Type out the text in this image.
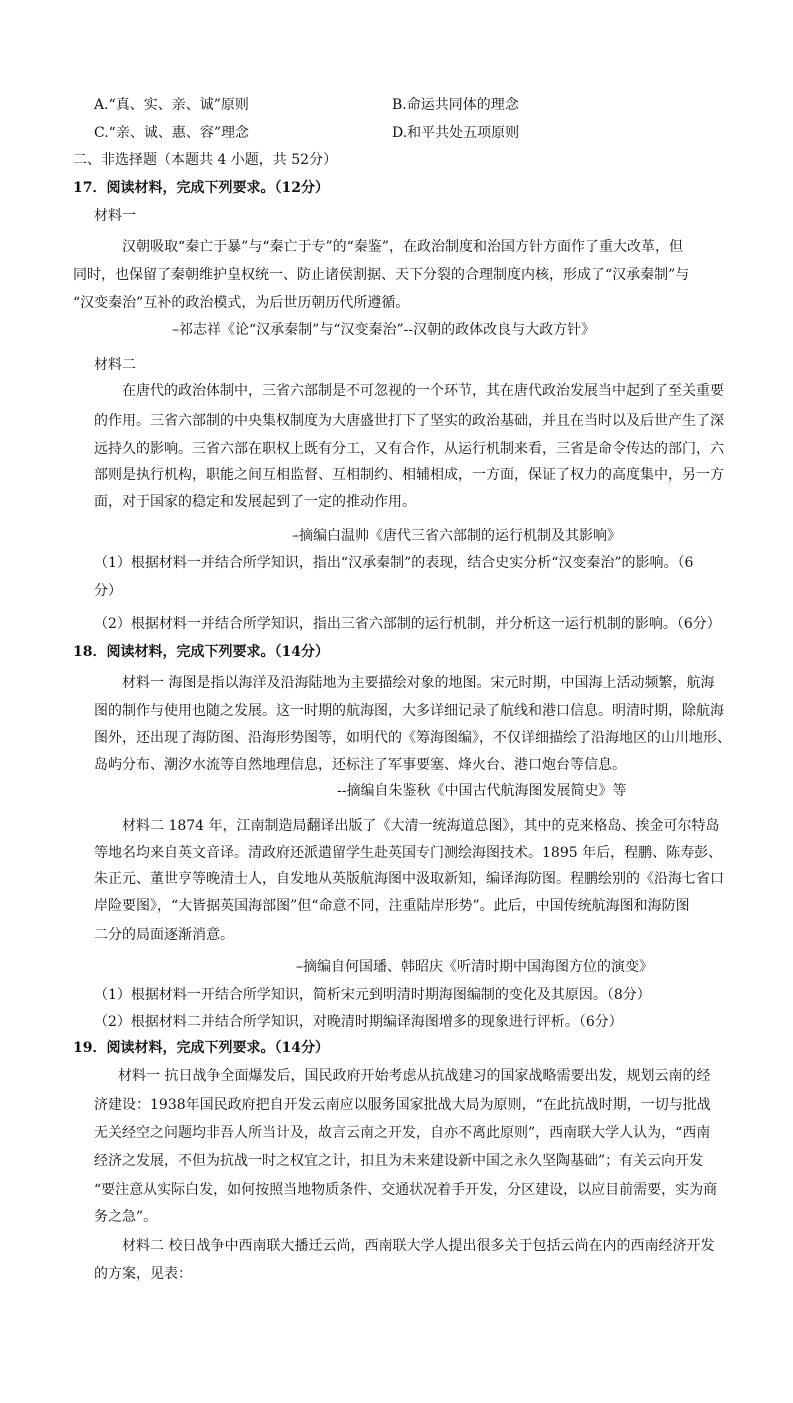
A.“真、实、亲、诚”原则	B.命运共同体的理念
C.“亲、诚、惠、容”理念	D.和平共处五项原则
二、非选择题（本题共 4 小题，共 52分）
17．阅读材料，完成下列要求。（12分）
材料一
汉朝吸取“秦亡于暴”与“秦亡于专”的“秦鉴”，在政治制度和治国方针方面作了重大改革，但
同时，也保留了秦朝维护皇权统一、防止诸侯割据、天下分裂的合理制度内核，形成了“汉承秦制”与
“汉变秦治”互补的政治模式，为后世历朝历代所遵循。
–祁志祥《论“汉承秦制”与“汉变秦治”--汉朝的政体改良与大政方针》
材料二
在唐代的政治体制中，三省六部制是不可忽视的一个环节，其在唐代政治发展当中起到了至关重要
的作用。三省六部制的中央集权制度为大唐盛世打下了坚实的政治基础，并且在当时以及后世产生了深
远持久的影响。三省六部在职权上既有分工，又有合作，从运行机制来看，三省是命令传达的部门，六
部则是执行机构，职能之间互相监督、互相制约、相辅相成，一方面，保证了权力的高度集中，另一方
面，对于国家的稳定和发展起到了一定的推动作用。
–摘编白温帅《唐代三省六部制的运行机制及其影响》
（1）根据材料一并结合所学知识，指出“汉承秦制”的表现，结合史实分析“汉变秦治”的影响。（6
分）
（2）根据材料一并结合所学知识，指出三省六部制的运行机制，并分析这一运行机制的影响。（6分）
18．阅读材料，完成下列要求。（14分）
材料一 海图是指以海洋及沿海陆地为主要描绘对象的地图。宋元时期，中国海上活动频繁，航海
图的制作与使用也随之发展。这一时期的航海图，大多详细记录了航线和港口信息。明清时期，除航海
图外，还出现了海防图、沿海形势图等，如明代的《筹海图编》，不仅详细描绘了沿海地区的山川地形、
岛屿分布、潮汐水流等自然地理信息，还标注了军事要塞、烽火台、港口炮台等信息。
--摘编自朱鉴秋《中国古代航海图发展简史》等
材料二 1874 年，江南制造局翻译出版了《大清一统海道总图》，其中的克来格岛、挨金可尔特岛
等地名均来自英文音译。清政府还派遣留学生赴英国专门测绘海图技术。1895 年后，程鹏、陈寿彭、
朱正元、董世亨等晚清士人，自发地从英版航海图中汲取新知，编译海防图。程鹏绘别的《沿海七省口
岸险要图》，“大皆据英国海部图”但“命意不同，注重陆岸形势”。此后，中国传统航海图和海防图
二分的局面逐渐消意。
–摘编自何国璠、韩昭庆《听清时期中国海图方位的演变》
（1）根据材料一开结合所学知识，简析宋元到明清时期海图编制的变化及其原因。（8分）
（2）根据材料二并结合所学知识，对晚清时期编译海图增多的现象进行评析。（6分）
19．阅读材料，完成下列要求。（14分）
材料一 抗日战争全面爆发后，国民政府开始考虑从抗战建习的国家战略需要出发，规划云南的经
济建设：1938年国民政府把自开发云南应以服务国家批战大局为原则，“在此抗战时期，一切与批战
无关经空之问题均非吾人所当计及，故言云南之开发，自亦不离此原则”，西南联大学人认为，“西南
经济之发展，不但为抗战一时之权宜之计，扣且为未来建设新中国之永久坚陶基础”；有关云向开发
“要注意从实际白发，如何按照当地物质条件、交通状况着手开发，分区建设，以应目前需要，实为商
务之急”。
材料二 校日战争中西南联大播迁云尚，西南联大学人提出很多关于包括云尚在内的西南经济开发
的方案，见表：
